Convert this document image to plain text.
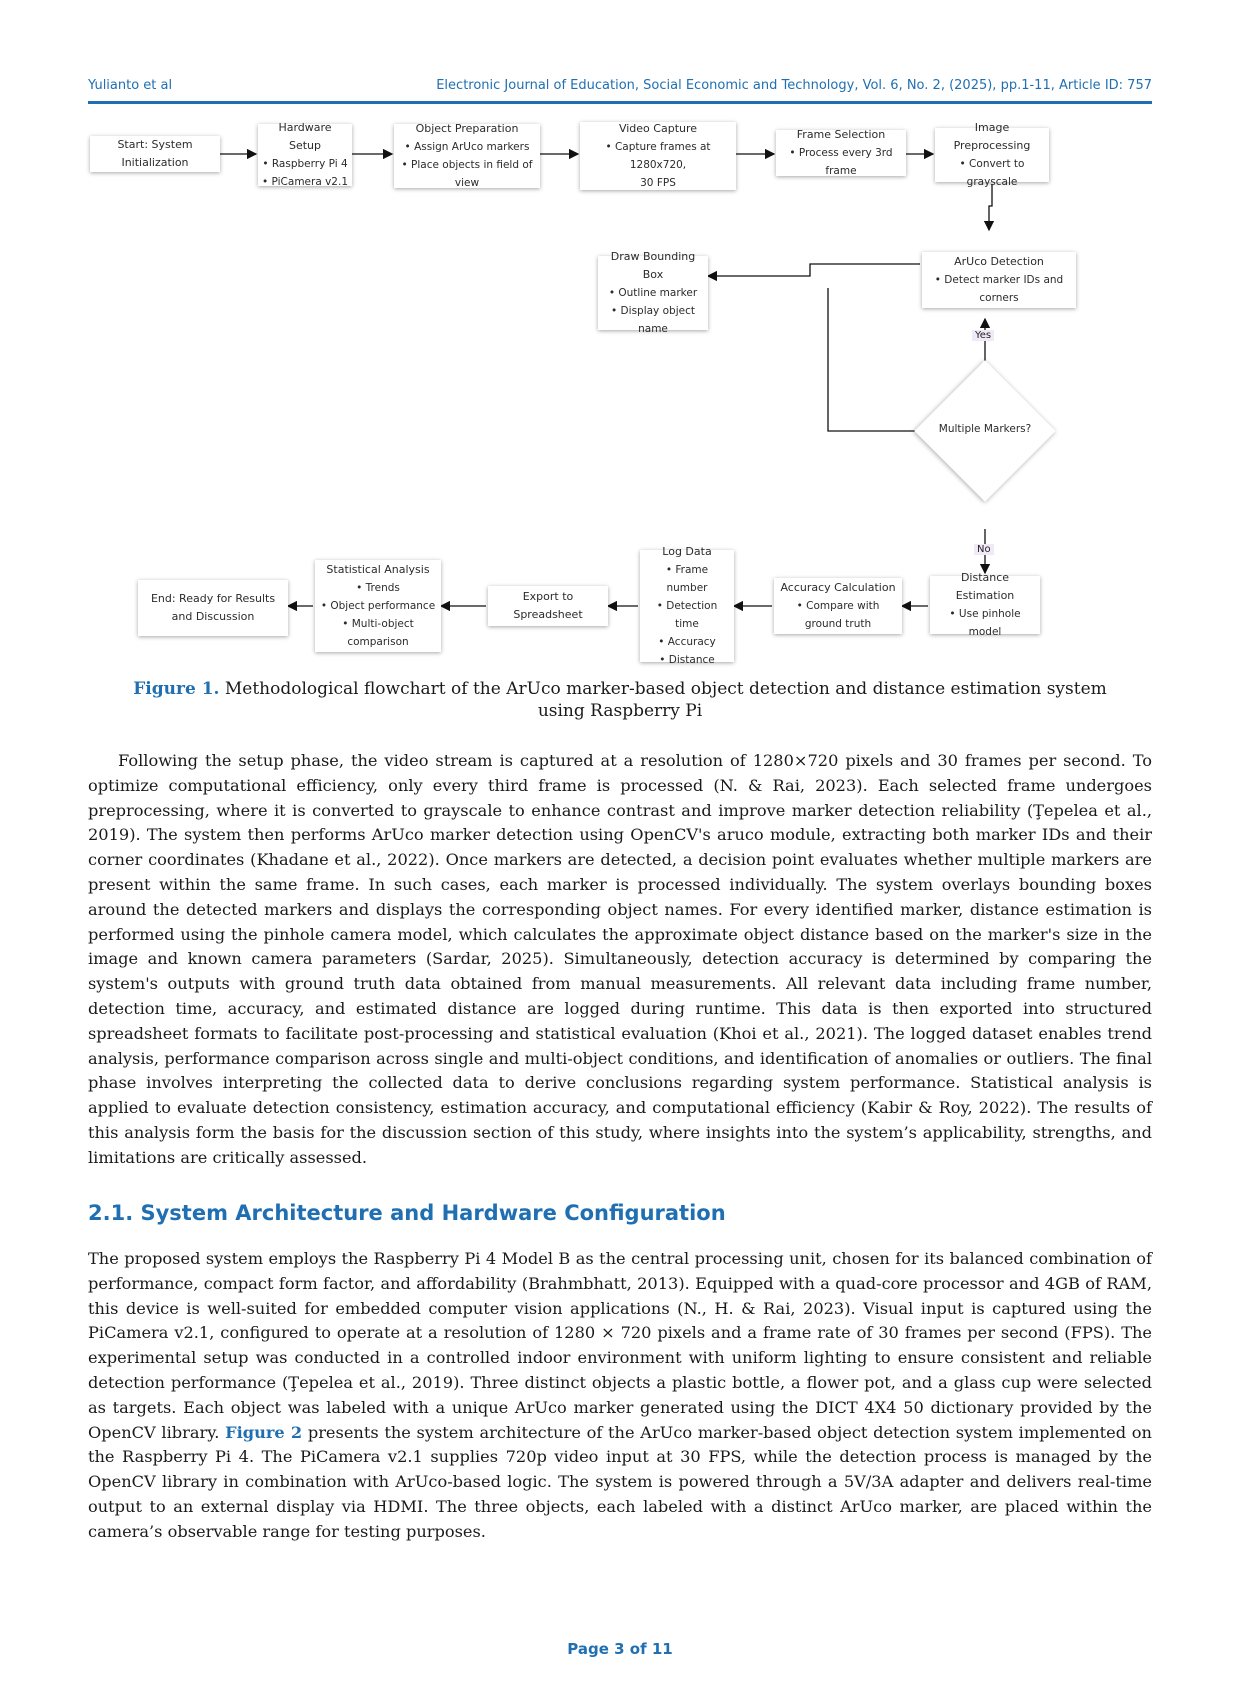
Yulianto et al	Electronic Journal of Education, Social Economic and Technology, Vol. 6, No. 2, (2025), pp.1-11, Article ID: 757
Start: System Initialization
Hardware Setup
• Raspberry Pi 4
• PiCamera v2.1
Object Preparation
• Assign ArUco markers
• Place objects in field of view
Video Capture
• Capture frames at 1280x720,
30 FPS
Frame Selection
• Process every 3rd frame
Image Preprocessing
• Convert to grayscale
ArUco Detection
• Detect marker IDs and corners
Draw Bounding Box
• Outline marker
• Display object name
Yes
Multiple Markers?
No
Distance Estimation
• Use pinhole model
Accuracy Calculation
• Compare with ground truth
Log Data
• Frame number
• Detection time
• Accuracy
• Distance
Export to Spreadsheet
Statistical Analysis
• Trends
• Object performance
• Multi-object comparison
End: Ready for Results and Discussion
Figure 1. Methodological flowchart of the ArUco marker-based object detection and distance estimation system using Raspberry Pi

Following the setup phase, the video stream is captured at a resolution of 1280×720 pixels and 30 frames per second. To optimize computational efficiency, only every third frame is processed (N. & Rai, 2023). Each selected frame undergoes preprocessing, where it is converted to grayscale to enhance contrast and improve marker detection reliability (Ţepelea et al., 2019). The system then performs ArUco marker detection using OpenCV's aruco module, extracting both marker IDs and their corner coordinates (Khadane et al., 2022). Once markers are detected, a decision point evaluates whether multiple markers are present within the same frame. In such cases, each marker is processed individually. The system overlays bounding boxes around the detected markers and displays the corresponding object names. For every identified marker, distance estimation is performed using the pinhole camera model, which calculates the approximate object distance based on the marker's size in the image and known camera parameters (Sardar, 2025). Simultaneously, detection accuracy is determined by comparing the system's outputs with ground truth data obtained from manual measurements. All relevant data including frame number, detection time, accuracy, and estimated distance are logged during runtime. This data is then exported into structured spreadsheet formats to facilitate post-processing and statistical evaluation (Khoi et al., 2021). The logged dataset enables trend analysis, performance comparison across single and multi-object conditions, and identification of anomalies or outliers. The final phase involves interpreting the collected data to derive conclusions regarding system performance. Statistical analysis is applied to evaluate detection consistency, estimation accuracy, and computational efficiency (Kabir & Roy, 2022). The results of this analysis form the basis for the discussion section of this study, where insights into the system’s applicability, strengths, and limitations are critically assessed.

2.1. System Architecture and Hardware Configuration

The proposed system employs the Raspberry Pi 4 Model B as the central processing unit, chosen for its balanced combination of performance, compact form factor, and affordability (Brahmbhatt, 2013). Equipped with a quad-core processor and 4GB of RAM, this device is well-suited for embedded computer vision applications (N., H. & Rai, 2023). Visual input is captured using the PiCamera v2.1, configured to operate at a resolution of 1280 × 720 pixels and a frame rate of 30 frames per second (FPS). The experimental setup was conducted in a controlled indoor environment with uniform lighting to ensure consistent and reliable detection performance (Ţepelea et al., 2019). Three distinct objects a plastic bottle, a flower pot, and a glass cup were selected as targets. Each object was labeled with a unique ArUco marker generated using the DICT 4X4 50 dictionary provided by the OpenCV library. Figure 2 presents the system architecture of the ArUco marker-based object detection system implemented on the Raspberry Pi 4. The PiCamera v2.1 supplies 720p video input at 30 FPS, while the detection process is managed by the OpenCV library in combination with ArUco-based logic. The system is powered through a 5V/3A adapter and delivers real-time output to an external display via HDMI. The three objects, each labeled with a distinct ArUco marker, are placed within the camera’s observable range for testing purposes.

Page 3 of 11
